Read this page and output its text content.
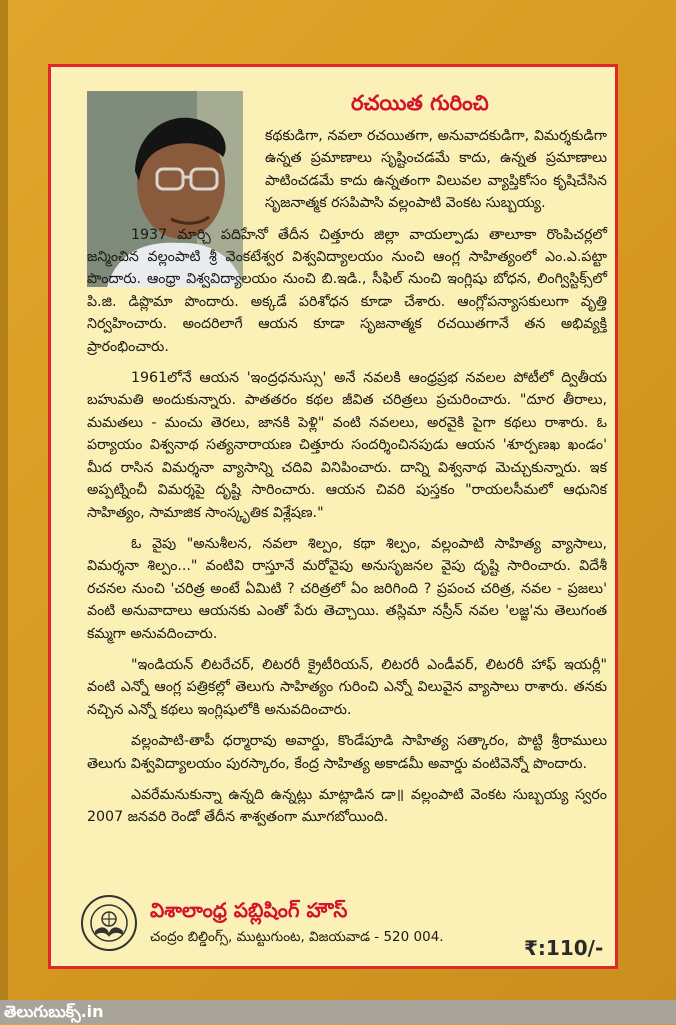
రచయిత గురించి

కథకుడిగా, నవలా రచయితగా, అనువాదకుడిగా, విమర్శకుడిగా ఉన్నత ప్రమాణాలు సృష్టించడమే కాదు, ఉన్నత ప్రమాణాలు పాటించడమే కాదు ఉన్నతంగా విలువల వ్యాప్తికోసం కృషిచేసిన సృజనాత్మక రసపిపాసి వల్లంపాటి వెంకట సుబ్బయ్య.

1937 మార్చి పదిహేనో తేదీన చిత్తూరు జిల్లా వాయల్పాడు తాలూకా రొంపిచర్లలో జన్మించిన వల్లంపాటి శ్రీ వెంకటేశ్వర విశ్వవిద్యాలయం నుంచి ఆంగ్ల సాహిత్యంలో ఎం.ఎ.పట్టా పొందారు. ఆంధ్రా విశ్వవిద్యాలయం నుంచి బి.ఇడి., సీఫిల్ నుంచి ఇంగ్లిషు బోధన, లింగ్విస్టిక్స్‌లో పి.జి. డిప్లొమా పొందారు. అక్కడే పరిశోధన కూడా చేశారు. ఆంగ్లోపన్యాసకులుగా వృత్తి నిర్వహించారు. అందరిలాగే ఆయన కూడా సృజనాత్మక రచయితగానే తన అభివ్యక్తి ప్రారంభించారు.

1961లోనే ఆయన 'ఇంద్రధనుస్సు' అనే నవలకి ఆంధ్రప్రభ నవలల పోటీలో ద్వితీయ బహుమతి అందుకున్నారు. పాతతరం కథల జీవిత చరిత్రలు ప్రచురించారు. "దూర తీరాలు, మమతలు - మంచు తెరలు, జానకి పెళ్లి" వంటి నవలలు, అరవైకి పైగా కథలు రాశారు. ఓ పర్యాయం విశ్వనాథ సత్యనారాయణ చిత్తూరు సందర్శించినపుడు ఆయన 'శూర్పణఖ ఖండం' మీద రాసిన విమర్శనా వ్యాసాన్ని చదివి వినిపించారు. దాన్ని విశ్వనాథ మెచ్చుకున్నారు. ఇక అప్పట్నించీ విమర్శపై దృష్టి సారించారు. ఆయన చివరి పుస్తకం "రాయలసీమలో ఆధునిక సాహిత్యం, సామాజిక సాంస్కృతిక విశ్లేషణ."

ఓ వైపు "అనుశీలన, నవలా శిల్పం, కథా శిల్పం, వల్లంపాటి సాహిత్య వ్యాసాలు, విమర్శనా శిల్పం..." వంటివి రాస్తూనే మరోవైపు అనుసృజనల వైపు దృష్టి సారించారు. విదేశీ రచనల నుంచి 'చరిత్ర అంటే ఏమిటి ? చరిత్రలో ఏం జరిగింది ? ప్రపంచ చరిత్ర, నవల - ప్రజలు' వంటి అనువాదాలు ఆయనకు ఎంతో పేరు తెచ్చాయి. తస్లిమా నస్రీన్ నవల 'లజ్జ'ను తెలుగంత కమ్మగా అనువదించారు.

"ఇండియన్ లిటరేచర్, లిటరరీ క్రైటీరియన్, లిటరరీ ఎండీవర్, లిటరరీ హాఫ్ ఇయర్లీ" వంటి ఎన్నో ఆంగ్ల పత్రికల్లో తెలుగు సాహిత్యం గురించి ఎన్నో విలువైన వ్యాసాలు రాశారు. తనకు నచ్చిన ఎన్నో కథలు ఇంగ్లిషులోకి అనువదించారు.

వల్లంపాటి-తాపీ ధర్మారావు అవార్డు, కొండేపూడి సాహిత్య సత్కారం, పొట్టి శ్రీరాములు తెలుగు విశ్వవిద్యాలయం పురస్కారం, కేంద్ర సాహిత్య అకాడమీ అవార్డు వంటివెన్నో పొందారు.

ఎవరేమనుకున్నా ఉన్నది ఉన్నట్లు మాట్లాడిన డా॥ వల్లంపాటి వెంకట సుబ్బయ్య స్వరం 2007 జనవరి రెండో తేదీన శాశ్వతంగా మూగబోయింది.

విశాలాంధ్ర పబ్లిషింగ్ హౌస్
చంద్రం బిల్డింగ్స్, ముట్టుగుంట, విజయవాడ - 520 004.	₹:110/-
తెలుగుబుక్స్.in
